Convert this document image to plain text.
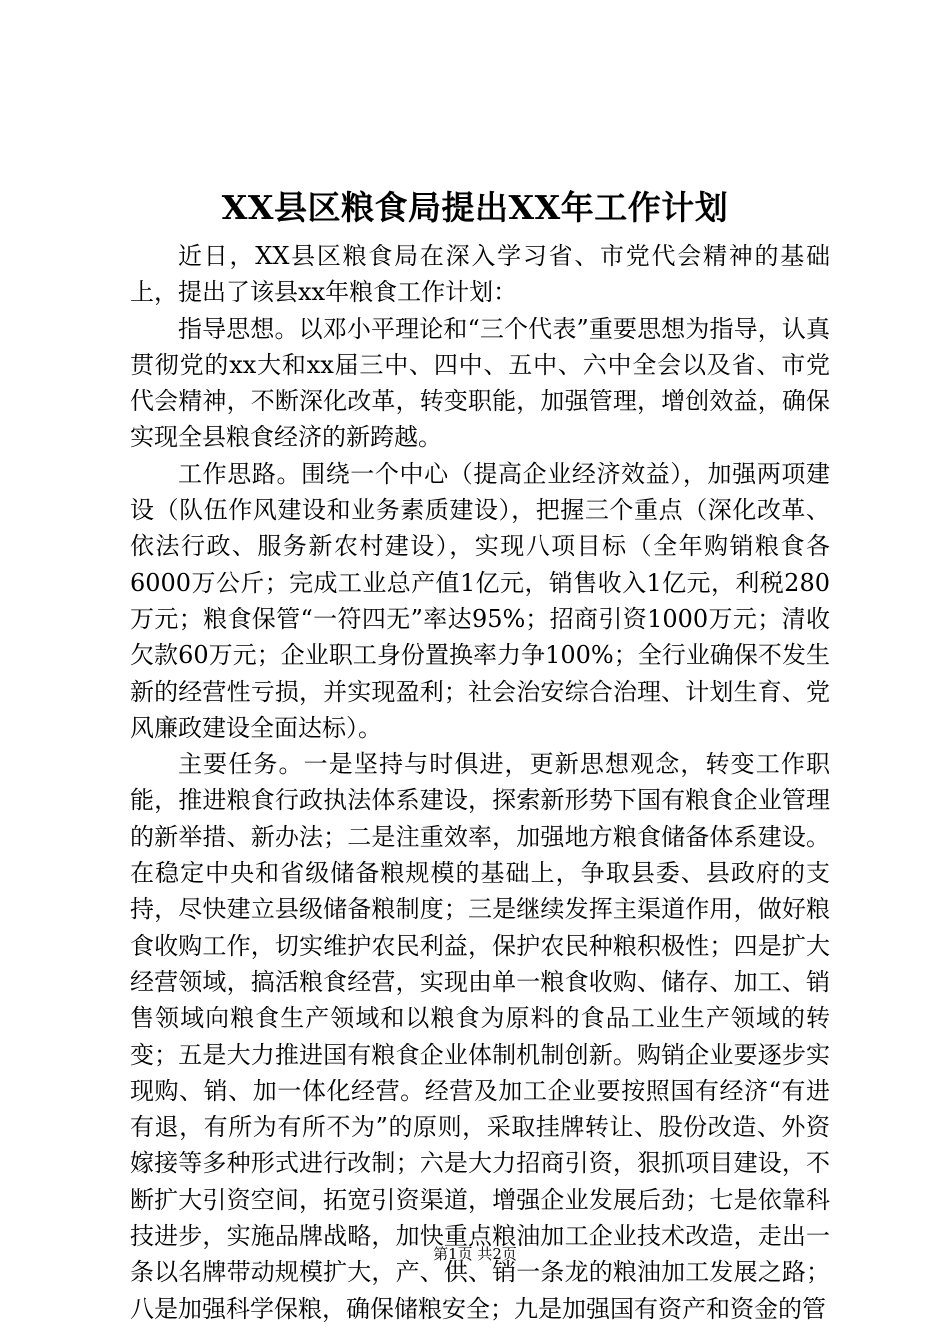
XX县区粮食局提出XX年工作计划

近日，XX县区粮食局在深入学习省、市党代会精神的基础上，提出了该县xx年粮食工作计划：

指导思想。以邓小平理论和“三个代表”重要思想为指导，认真贯彻党的xx大和xx届三中、四中、五中、六中全会以及省、市党代会精神，不断深化改革，转变职能，加强管理，增创效益，确保实现全县粮食经济的新跨越。

工作思路。围绕一个中心（提高企业经济效益），加强两项建设（队伍作风建设和业务素质建设），把握三个重点（深化改革、依法行政、服务新农村建设），实现八项目标（全年购销粮食各6000万公斤；完成工业总产值1亿元，销售收入1亿元，利税280万元；粮食保管“一符四无”率达95%；招商引资1000万元；清收欠款60万元；企业职工身份置换率力争100%；全行业确保不发生新的经营性亏损，并实现盈利；社会治安综合治理、计划生育、党风廉政建设全面达标）。

主要任务。一是坚持与时俱进，更新思想观念，转变工作职能，推进粮食行政执法体系建设，探索新形势下国有粮食企业管理的新举措、新办法；二是注重效率，加强地方粮食储备体系建设。在稳定中央和省级储备粮规模的基础上，争取县委、县政府的支持，尽快建立县级储备粮制度；三是继续发挥主渠道作用，做好粮食收购工作，切实维护农民利益，保护农民种粮积极性；四是扩大经营领域，搞活粮食经营，实现由单一粮食收购、储存、加工、销售领域向粮食生产领域和以粮食为原料的食品工业生产领域的转变；五是大力推进国有粮食企业体制机制创新。购销企业要逐步实现购、销、加一体化经营。经营及加工企业要按照国有经济“有进有退，有所为有所不为”的原则，采取挂牌转让、股份改造、外资嫁接等多种形式进行改制；六是大力招商引资，狠抓项目建设，不断扩大引资空间，拓宽引资渠道，增强企业发展后劲；七是依靠科技进步，实施品牌战略，加快重点粮油加工企业技术改造，走出一条以名牌带动规模扩大，产、供、销一条龙的粮油加工发展之路；八是加强科学保粮，确保储粮安全；九是加强国有资产和资金的管

第1页 共2页
